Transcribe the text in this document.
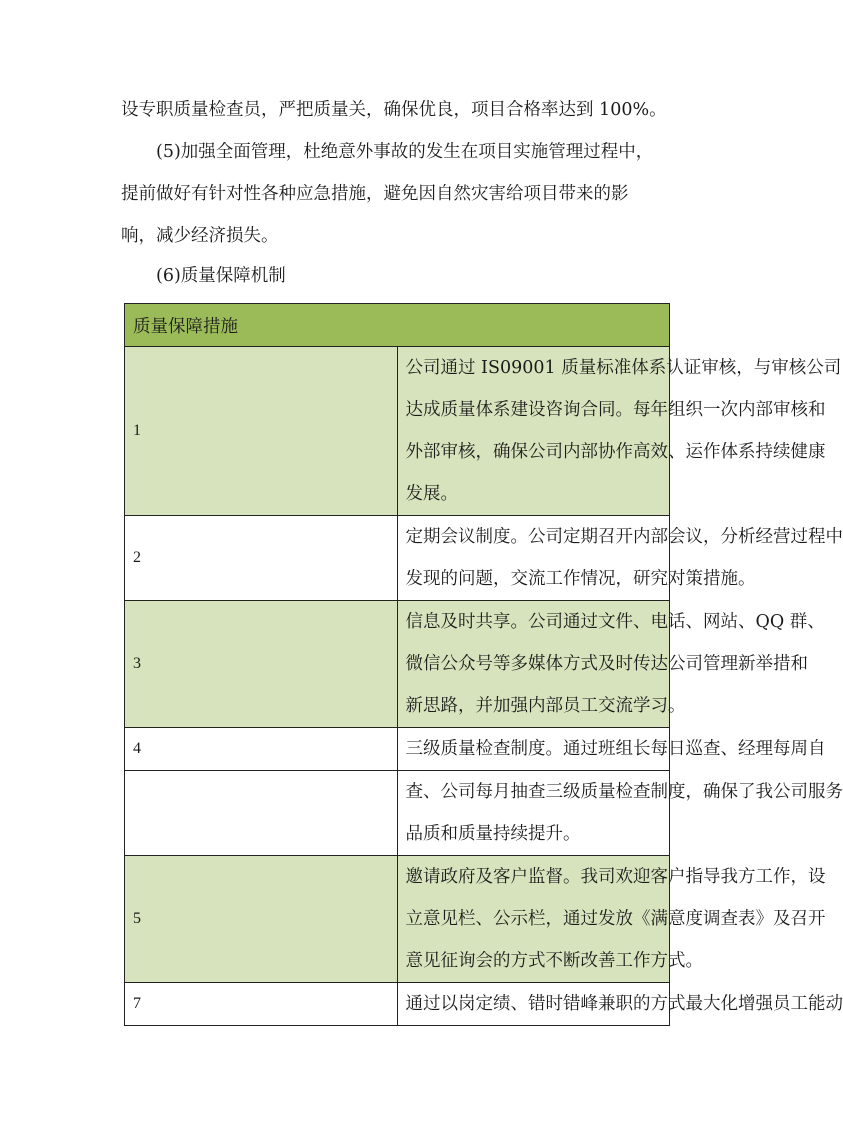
设专职质量检查员，严把质量关，确保优良，项目合格率达到 100%。
(5)加强全面管理，杜绝意外事故的发生在项目实施管理过程中，
提前做好有针对性各种应急措施，避免因自然灾害给项目带来的影
响，减少经济损失。
(6)质量保障机制
质量保障措施	
1	公司通过 IS09001 质量标准体系认证审核，与审核公司
达成质量体系建设咨询合同。每年组织一次内部审核和
外部审核，确保公司内部协作高效、运作体系持续健康
发展。

2	定期会议制度。公司定期召开内部会议，分析经营过程中
发现的问题，交流工作情况，研究对策措施。

3	信息及时共享。公司通过文件、电话、网站、QQ 群、
微信公众号等多媒体方式及时传达公司管理新举措和
新思路，并加强内部员工交流学习。

4	三级质量检查制度。通过班组长每日巡查、经理每周自

	查、公司每月抽查三级质量检查制度，确保了我公司服务
品质和质量持续提升。

5	邀请政府及客户监督。我司欢迎客户指导我方工作，设
立意见栏、公示栏，通过发放《满意度调查表》及召开
意见征询会的方式不断改善工作方式。

7	通过以岗定绩、错时错峰兼职的方式最大化增强员工能动
